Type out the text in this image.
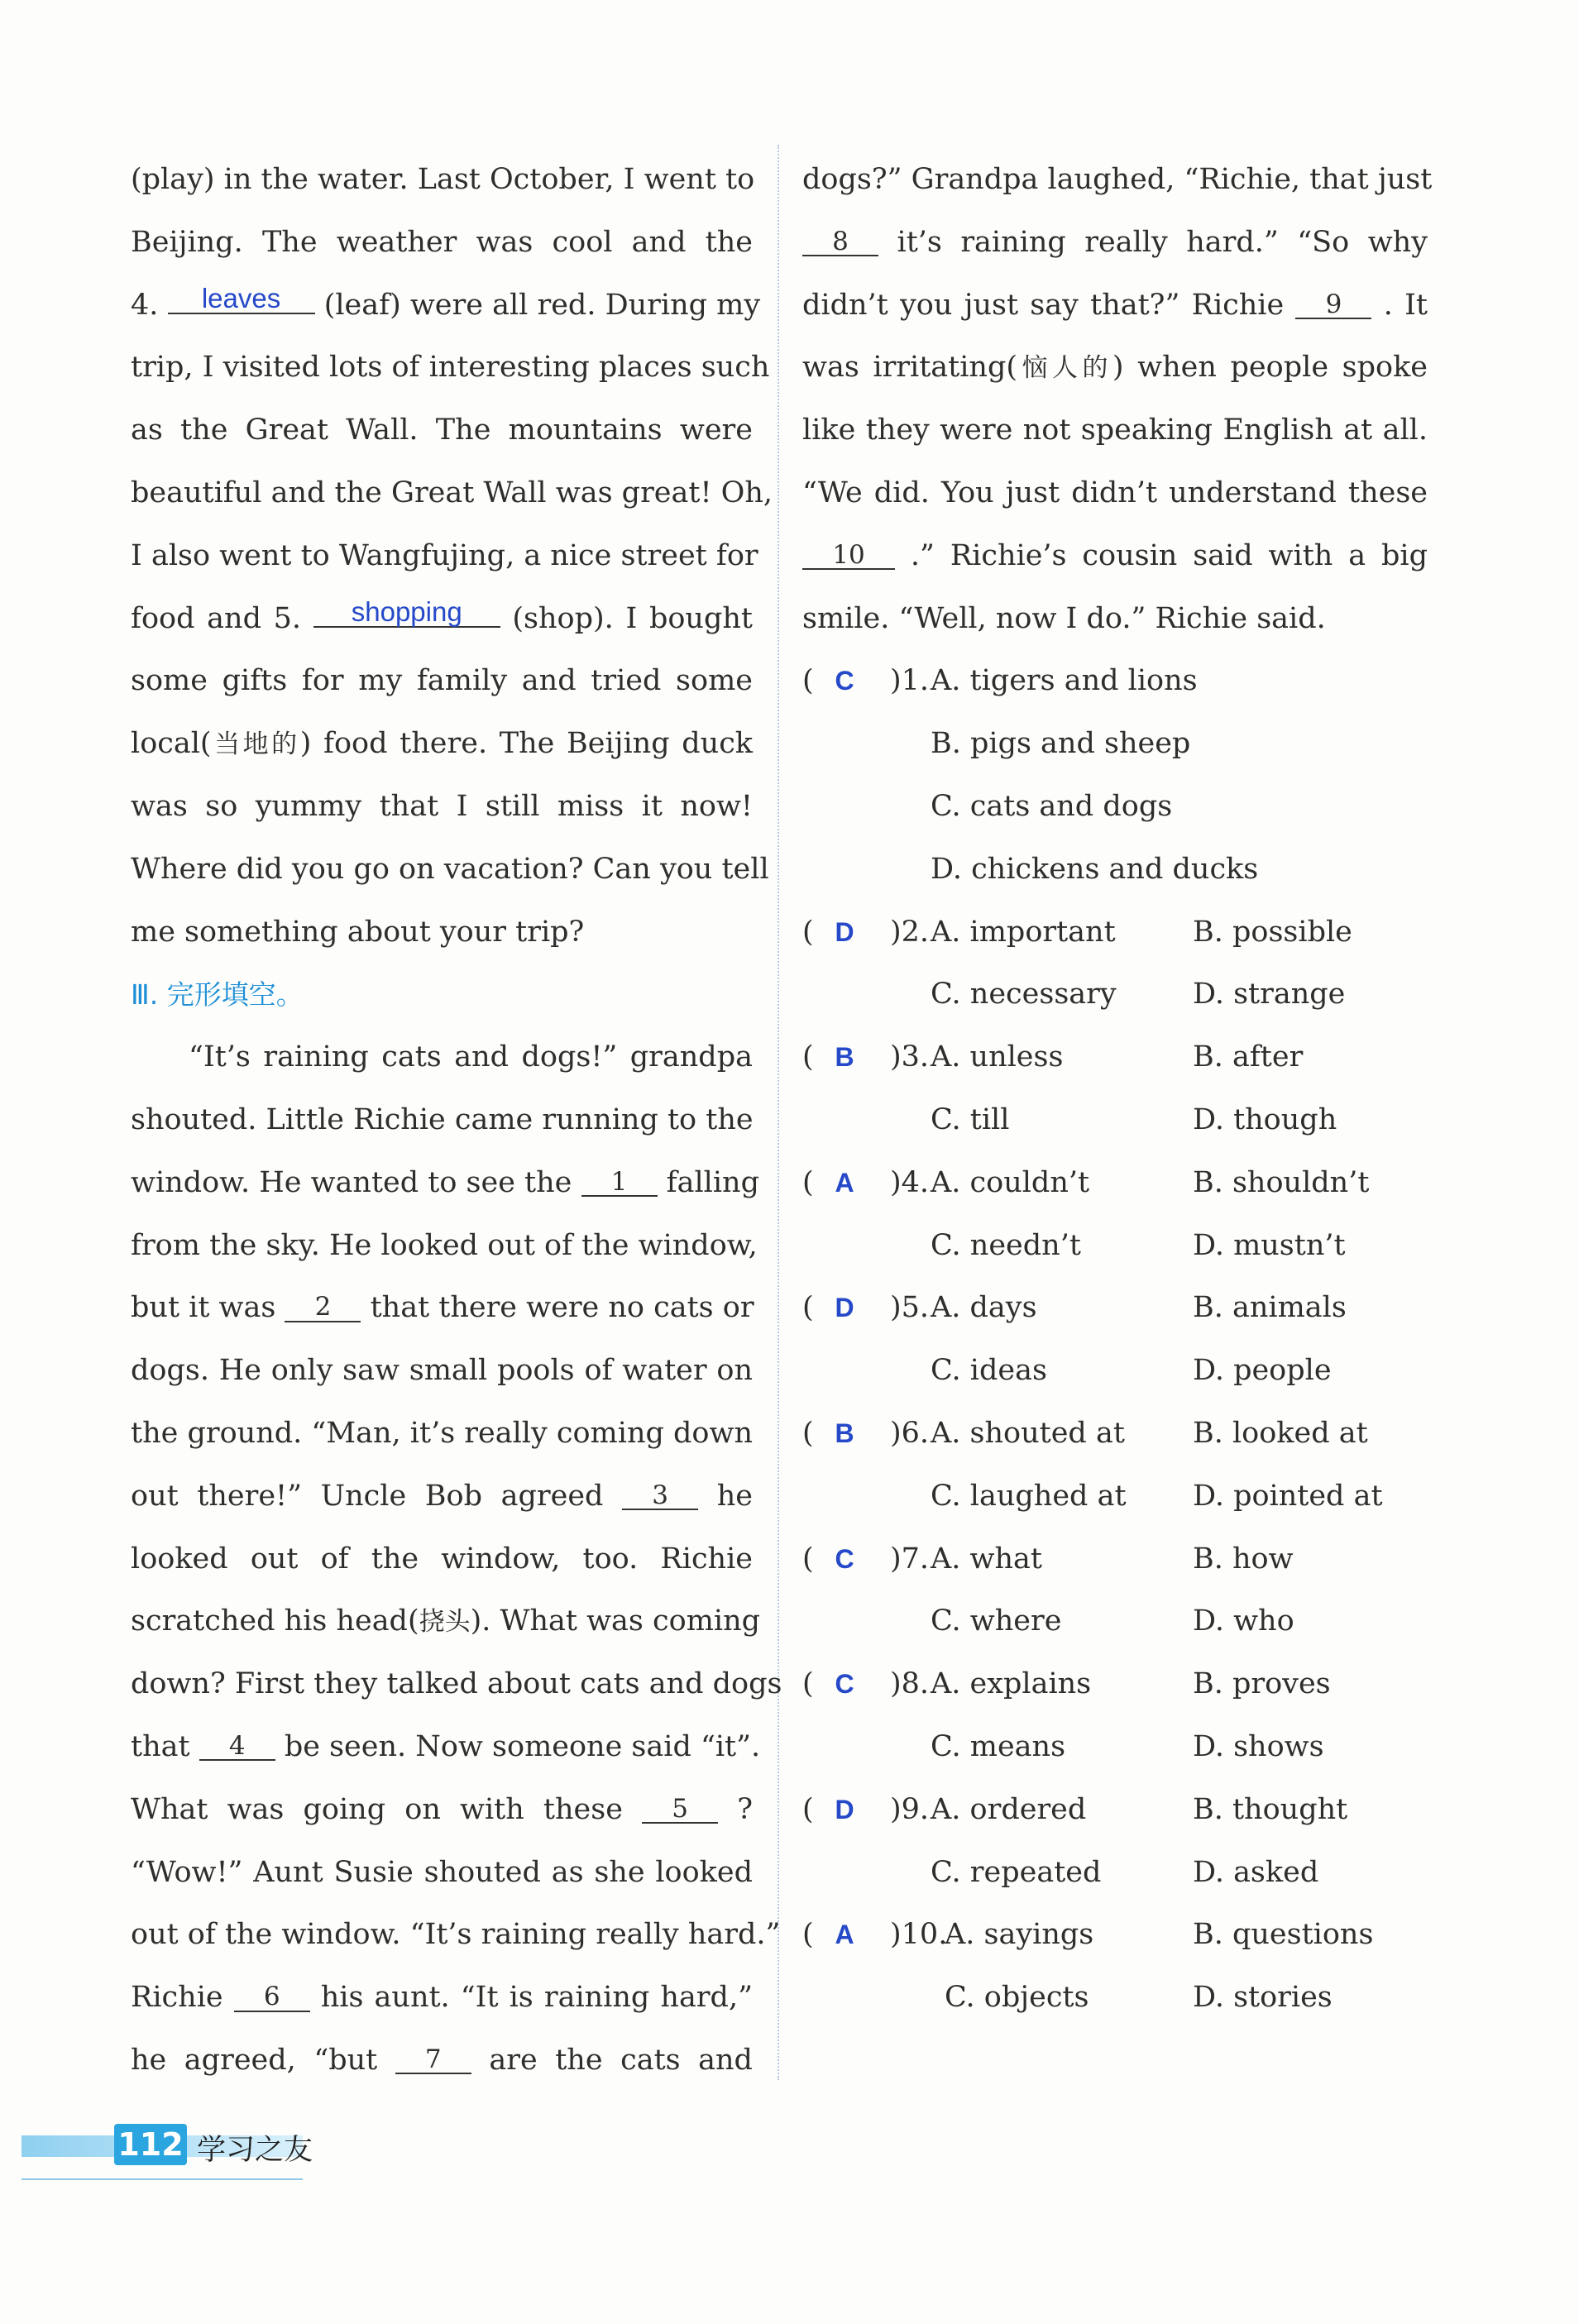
(play) in the water. Last October, I went to
Beijing. The weather was cool and the
4. leaves (leaf) were all red. During my
trip, I visited lots of interesting places such
as the Great Wall. The mountains were
beautiful and the Great Wall was great! Oh,
I also went to Wangfujing, a nice street for
food and 5. shopping (shop). I bought
some gifts for my family and tried some
local(当地的) food there. The Beijing duck
was so yummy that I still miss it now!
Where did you go on vacation? Can you tell
me something about your trip?
Ⅲ. 完形填空。
“It’s raining cats and dogs!” grandpa
shouted. Little Richie came running to the
window. He wanted to see the 1 falling
from the sky. He looked out of the window,
but it was 2 that there were no cats or
dogs. He only saw small pools of water on
the ground. “Man, it’s really coming down
out there!” Uncle Bob agreed 3 he
looked out of the window, too. Richie
scratched his head(挠头). What was coming
down? First they talked about cats and dogs
that 4 be seen. Now someone said “it”.
What was going on with these 5 ?
“Wow!” Aunt Susie shouted as she looked
out of the window. “It’s raining really hard.”
Richie 6 his aunt. “It is raining hard,”
he agreed, “but 7 are the cats and
dogs?” Grandpa laughed, “Richie, that just
8 it’s raining really hard.” “So why
didn’t you just say that?” Richie 9 . It
was irritating(恼人的) when people spoke
like they were not speaking English at all.
“We did. You just didn’t understand these
10 .” Richie’s cousin said with a big
smile. “Well, now I do.” Richie said.
( C )1. A. tigers and lions
B. pigs and sheep
C. cats and dogs
D. chickens and ducks
( D )2. A. important	B. possible
C. necessary	D. strange
( B )3. A. unless	B. after
C. till	D. though
( A )4. A. couldn’t	B. shouldn’t
C. needn’t	D. mustn’t
( D )5. A. days	B. animals
C. ideas	D. people
( B )6. A. shouted at B. looked at
C. laughed at D. pointed at
( C )7. A. what	B. how
C. where	D. who
( C )8. A. explains	B. proves
C. means	D. shows
( D )9. A. ordered	B. thought
C. repeated	D. asked
( A )10.
A. sayings	B. questions
C. objects	D. stories
112 学习之友
